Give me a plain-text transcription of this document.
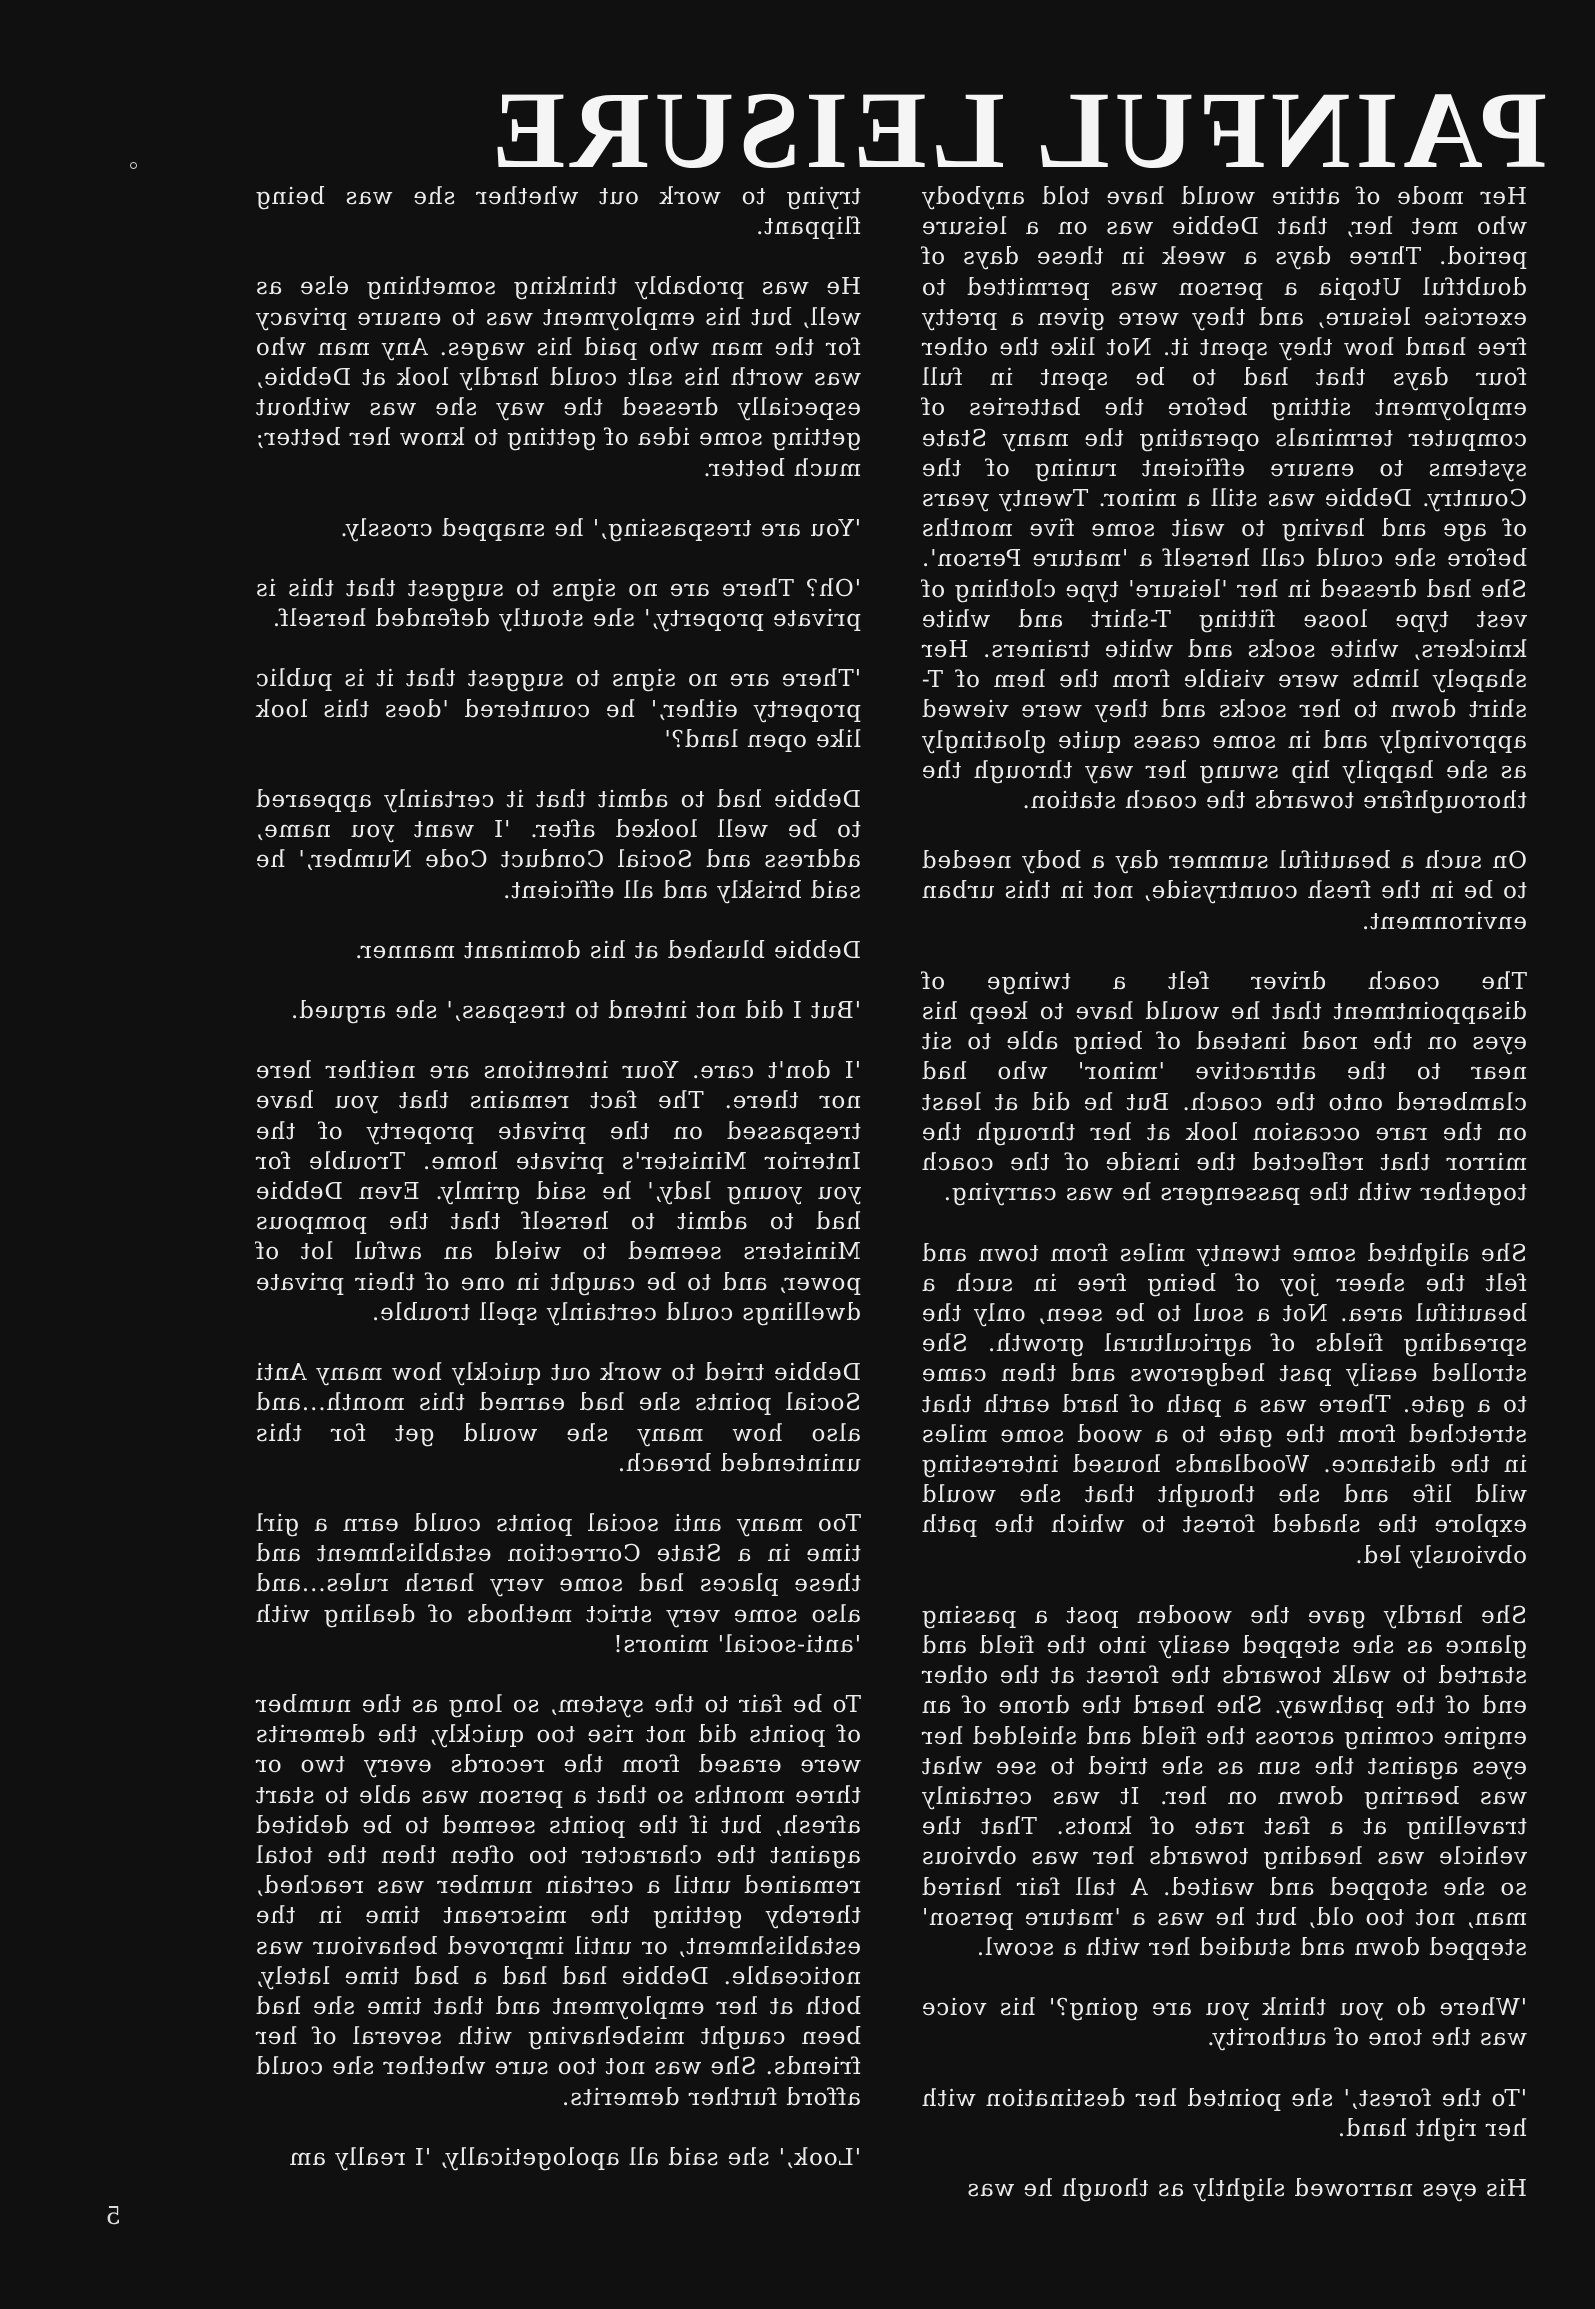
PAINFUL LEISURE

Her mode of attire would have told anybody who met her, that Debbie was on a leisure period. Three days a week in these days of doubtful Utopia a person was permitted to exercise leisure, and they were given a pretty free hand how they spent it. Not like the other four days that had to be spent in full employment sitting before the batteries of computer terminals operating the many State systems to ensure efficient runing of the Country. Debbie was still a minor. Twenty years of age and having to wait some five months before she could call herself a 'mature Person'. She had dressed in her 'leisure' type clothing of vest type loose fitting T-shirt and white knickers, white socks and white trainers. Her shapely limbs were visible from the hem of T-shirt down to her socks and they were viewed approvingly and in some cases quite gloatingly as she happily hip swung her way through the thoroughfare towards the coach station.

On such a beautiful summer day a body needed to be in the fresh countryside, not in this urban environment.

The coach driver felt a twinge of disappointment that he would have to keep his eyes on the road instead of being able to sit near to the attractive 'minor' who had clambered onto the coach. But he did at least on the rare occasion look at her through the mirror that reflected the inside of the coach together with the passengers he was carrying.

She alighted some twenty miles from town and felt the sheer joy of being free in such a beautiful area. Not a soul to be seen, only the spreading fields of agricultural growth. She strolled easily past hedgerows and then came to a gate. There was a path of hard earth that stretched from the gate to a wood some miles in the distance. Woodlands housed interesting wild life and she thought that she would explore the shaded forest to which the path obviously led.

She hardly gave the wooden post a passing glance as she stepped easily into the field and started to walk towards the forest at the other end of the pathway. She heard the drone of an engine coming across the field and shielded her eyes against the sun as she tried to see what was bearing down on her. It was certainly travelling at a fast rate of knots. That the vehicle was heading towards her was obvious so she stopped and waited. A tall fair haired man, not too old, but he was a 'mature person' stepped down and studied her with a scowl.

'Where do you think you are going?' his voice was the tone of authority.

'To the forest,' she pointed her destination with her right hand.

His eyes narrowed slightly as though he was

trying to work out whether she was being flippant.

He was probably thinking something else as well, but his employment was to ensure privacy for the man who paid his wages. Any man who was worth his salt could hardly look at Debbie, especially dressed the way she was without getting some idea of getting to know her better; much better.

'You are trespassing,' he snapped crossly.

'Oh? There are no signs to suggest that this is private property,' she stoutly defended herself.

'There are no signs to suggest that it is public property either,' he countered 'does this look like open land?'

Debbie had to admit that it certainly appeared to be well looked after. 'I want you name, address and Social Conduct Code Number,' he said briskly and all efficient.

Debbie blushed at his dominant manner.

'But I did not intend to trespass,' she argued.

'I don't care. Your intentions are neither here nor there. The fact remains that you have trespassed on the private property of the Interior Minister's private home. Trouble for you young lady,' he said grimly. Even Debbie had to admit to herself that the pompous Ministers seemed to wield an awful lot of power, and to be caught in one of their private dwellings could certainly spell trouble.

Debbie tried to work out quickly how many Anti Social points she had earned this month...and also how many she would get for this unintended breach.

Too many anti social points could earn a girl time in a State Correction establishment and these places had some very harsh rules...and also some very strict methods of dealing with 'anti-social' minors!

To be fair to the system, so long as the number of points did not rise too quickly, the demerits were erased from the records every two or three months so that a person was able to start afresh, but if the points seemed to be debited against the character too often then the total remained until a certain number was reached, thereby getting the miscreant time in the establishment, or until improved behaviour was noticeable. Debbie had had a bad time lately, both at her employment and that time she had been caught misbehaving with several of her friends. She was not too sure whether she could afford further demerits.

'Look,' she said all apologetically, 'I really am

5
